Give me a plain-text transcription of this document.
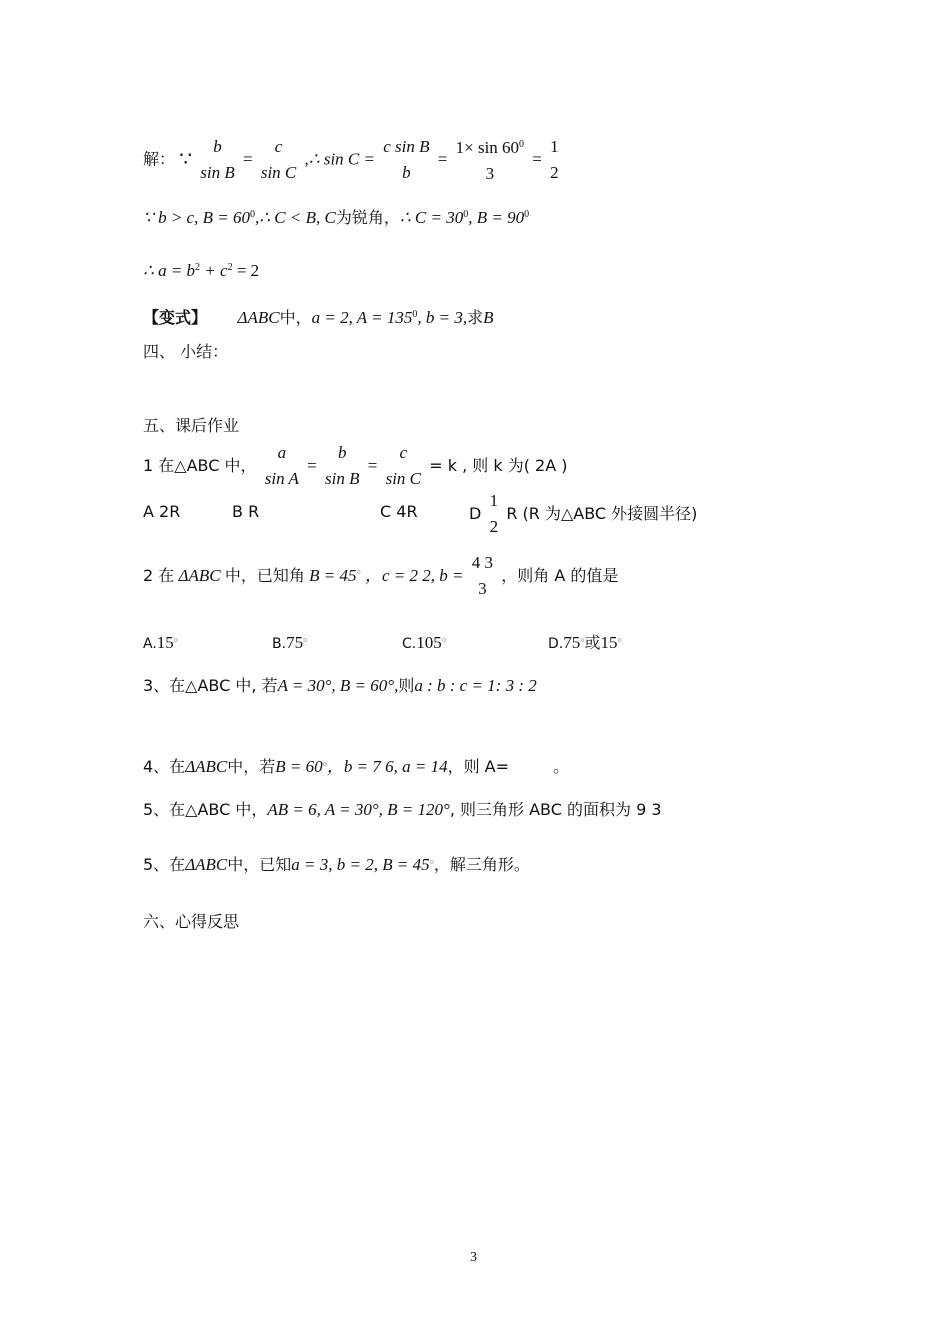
解： ∵
b
sin B
=
c
sin C
,∴ sin C =
c sin B
b
=
$1\times \sin 60^0$
3
=
1
2
∵ b > c, $B = 60^0,\therefore$ C < B, C为锐角，∴ $C = 30^0$, $B = 90^0$
∴ $a = b^2 + c^2 = 2$
【变式】 ΔABC中，a = 2, $A = 135^0$, b = 3,求B
四、 小结：
五、课后作业
1 在△ABC 中，
a
sin A
=
b
sin B
=
c
sin C
= k , 则 k 为( 2A )
A 2R	B R	C 4R	D
1
2
R (R 为△ABC 外接圆半径)
2 在 ΔABC 中，已知角 B = 45○ ，c = 2 2, b =
4 3
3
，则角 A 的值是
A.15○	B.75○	C.105○	D.75○或15○
3、在△ABC 中, 若A = 30°, B = 60°,则a : b : c = 1: 3 : 2
4、在ΔABC中，若B = 60○，b = 7 6, a = 14，则 A=	。
5、在△ABC 中，AB = 6, A = 30°, B = 120°, 则三角形 ABC 的面积为 9 3
5、在ΔABC中，已知a = 3, b = 2, B = 45○，解三角形。
六、心得反思
3
